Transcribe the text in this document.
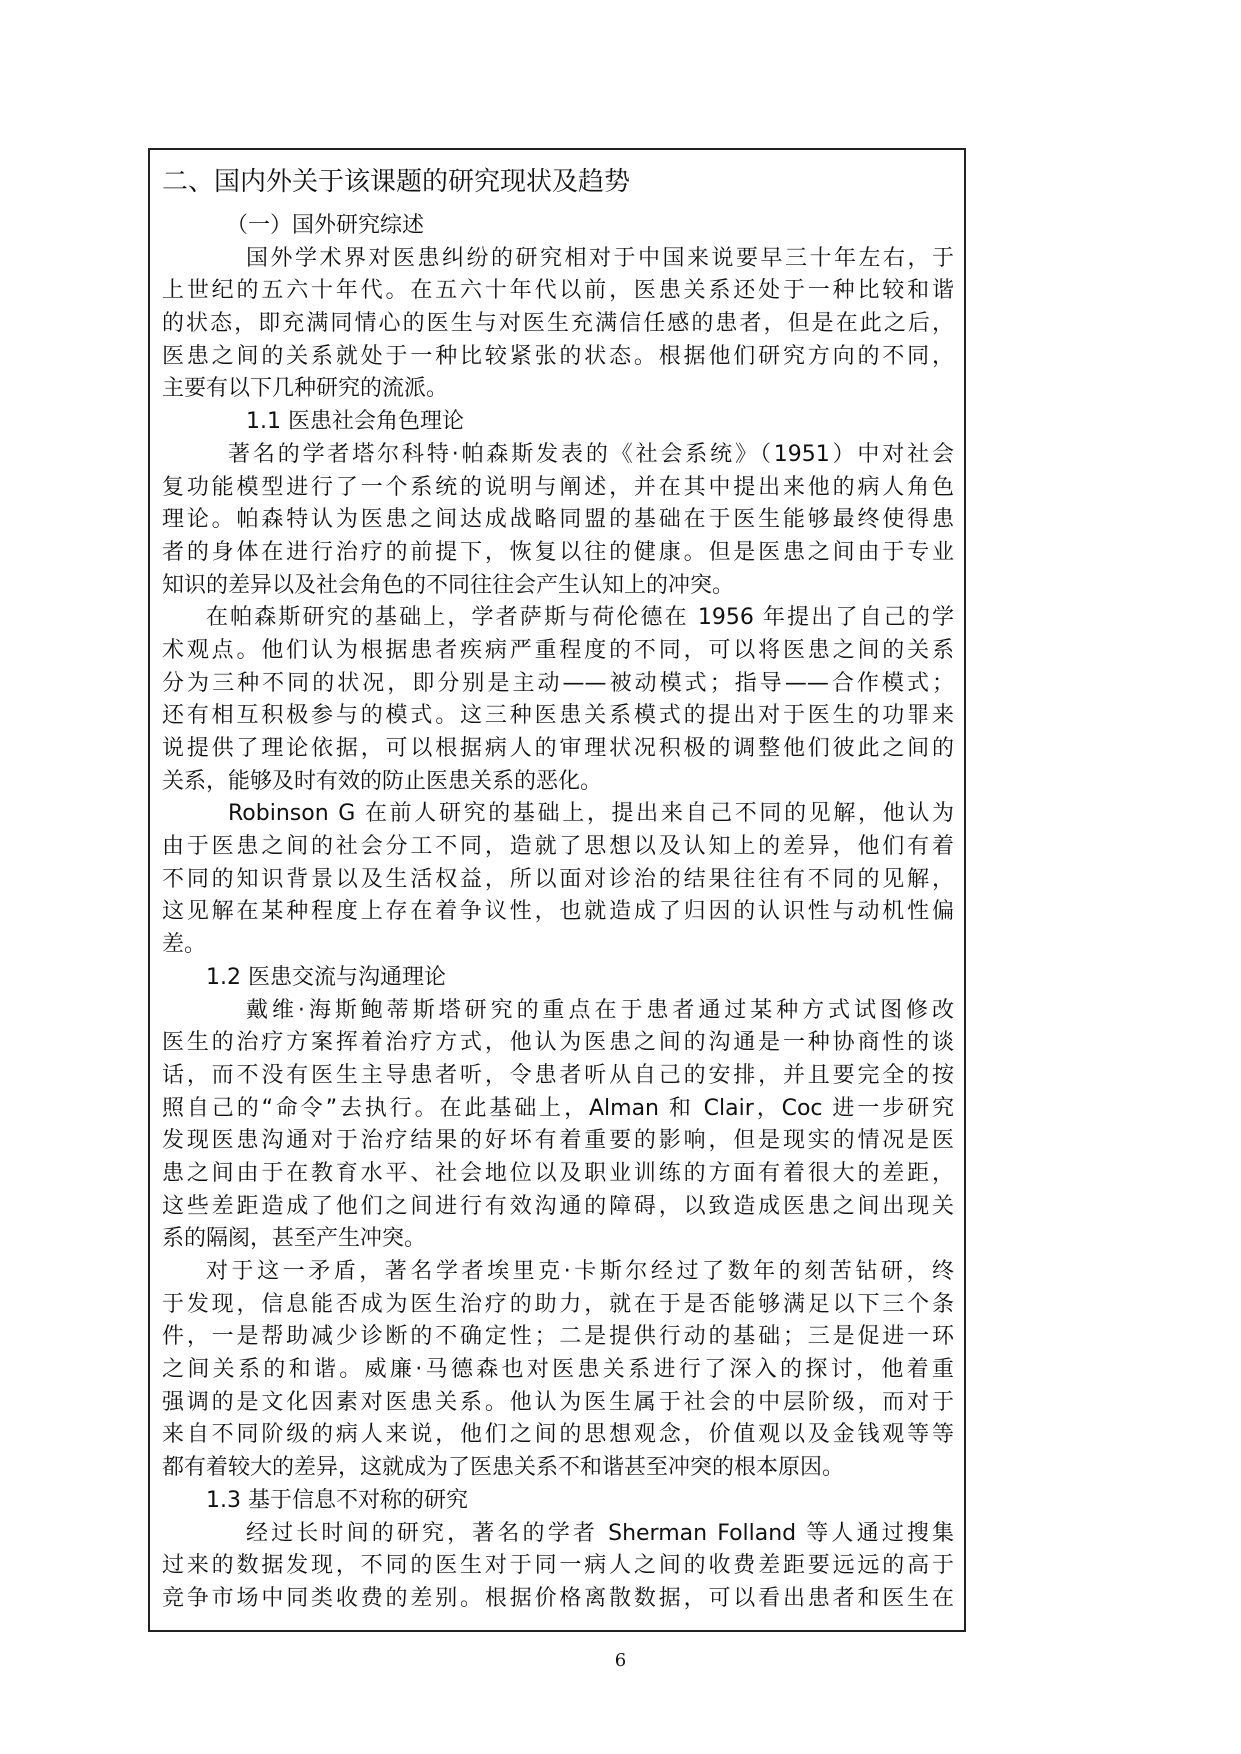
二、国内外关于该课题的研究现状及趋势
（一）国外研究综述
国外学术界对医患纠纷的研究相对于中国来说要早三十年左右，于
上世纪的五六十年代。在五六十年代以前，医患关系还处于一种比较和谐
的状态，即充满同情心的医生与对医生充满信任感的患者，但是在此之后，
医患之间的关系就处于一种比较紧张的状态。根据他们研究方向的不同，
主要有以下几种研究的流派。
1.1 医患社会角色理论
著名的学者塔尔科特·帕森斯发表的《社会系统》（1951）中对社会
复功能模型进行了一个系统的说明与阐述，并在其中提出来他的病人角色
理论。帕森特认为医患之间达成战略同盟的基础在于医生能够最终使得患
者的身体在进行治疗的前提下，恢复以往的健康。但是医患之间由于专业
知识的差异以及社会角色的不同往往会产生认知上的冲突。
在帕森斯研究的基础上，学者萨斯与荷伦德在 1956 年提出了自己的学
术观点。他们认为根据患者疾病严重程度的不同，可以将医患之间的关系
分为三种不同的状况，即分别是主动——被动模式；指导——合作模式；
还有相互积极参与的模式。这三种医患关系模式的提出对于医生的功罪来
说提供了理论依据，可以根据病人的审理状况积极的调整他们彼此之间的
关系，能够及时有效的防止医患关系的恶化。
Robinson G 在前人研究的基础上，提出来自己不同的见解，他认为
由于医患之间的社会分工不同，造就了思想以及认知上的差异，他们有着
不同的知识背景以及生活权益，所以面对诊治的结果往往有不同的见解，
这见解在某种程度上存在着争议性，也就造成了归因的认识性与动机性偏
差。
1.2 医患交流与沟通理论
戴维·海斯鲍蒂斯塔研究的重点在于患者通过某种方式试图修改
医生的治疗方案挥着治疗方式，他认为医患之间的沟通是一种协商性的谈
话，而不没有医生主导患者听，令患者听从自己的安排，并且要完全的按
照自己的“命令”去执行。在此基础上，Alman 和 Clair，Coc 进一步研究
发现医患沟通对于治疗结果的好坏有着重要的影响，但是现实的情况是医
患之间由于在教育水平、社会地位以及职业训练的方面有着很大的差距，
这些差距造成了他们之间进行有效沟通的障碍，以致造成医患之间出现关
系的隔阂，甚至产生冲突。
对于这一矛盾，著名学者埃里克·卡斯尔经过了数年的刻苦钻研，终
于发现，信息能否成为医生治疗的助力，就在于是否能够满足以下三个条
件，一是帮助减少诊断的不确定性；二是提供行动的基础；三是促进一环
之间关系的和谐。威廉·马德森也对医患关系进行了深入的探讨，他着重
强调的是文化因素对医患关系。他认为医生属于社会的中层阶级，而对于
来自不同阶级的病人来说，他们之间的思想观念，价值观以及金钱观等等
都有着较大的差异，这就成为了医患关系不和谐甚至冲突的根本原因。
1.3 基于信息不对称的研究
经过长时间的研究，著名的学者 Sherman Folland 等人通过搜集
过来的数据发现，不同的医生对于同一病人之间的收费差距要远远的高于
竞争市场中同类收费的差别。根据价格离散数据，可以看出患者和医生在
6
